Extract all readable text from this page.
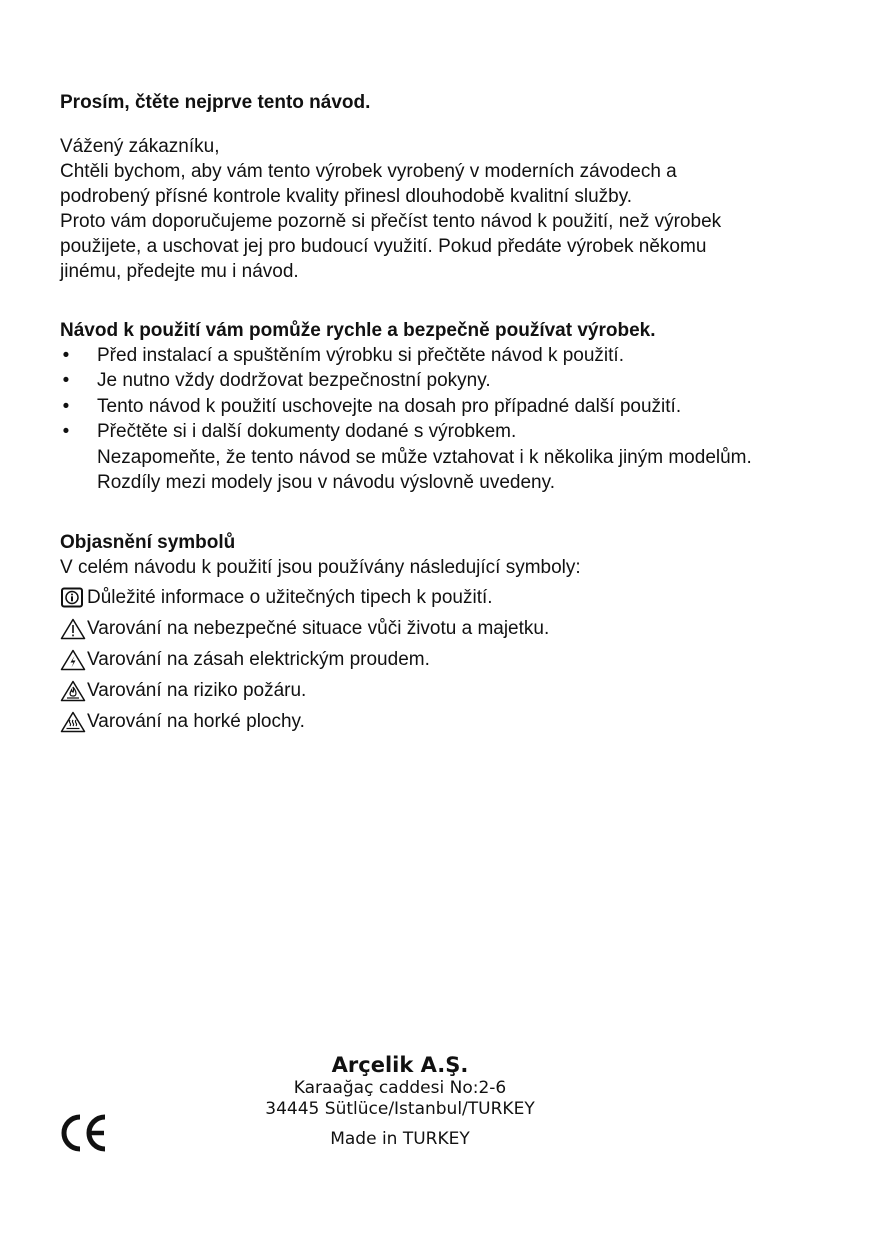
Prosím, čtěte nejprve tento návod.

Vážený zákazníku,

Chtěli bychom, aby vám tento výrobek vyrobený v moderních závodech a

podrobený přísné kontrole kvality přinesl dlouhodobě kvalitní služby.

Proto vám doporučujeme pozorně si přečíst tento návod k použití, než výrobek

použijete, a uschovat jej pro budoucí využití. Pokud předáte výrobek někomu

jinému, předejte mu i návod.

Návod k použití vám pomůže rychle a bezpečně používat výrobek.

• Před instalací a spuštěním výrobku si přečtěte návod k použití.
• Je nutno vždy dodržovat bezpečnostní pokyny.
• Tento návod k použití uschovejte na dosah pro případné další použití.
• Přečtěte si i další dokumenty dodané s výrobkem.
Nezapomeňte, že tento návod se může vztahovat i k několika jiným modelům.
Rozdíly mezi modely jsou v návodu výslovně uvedeny.

Objasnění symbolů

V celém návodu k použití jsou používány následující symboly:

Důležité informace o užitečných tipech k použití.
Varování na nebezpečné situace vůči životu a majetku.
Varování na zásah elektrickým proudem.
Varování na riziko požáru.
Varování na horké plochy.
Arçelik A.Ş.
Karaağaç caddesi No:2-6
34445 Sütlüce/Istanbul/TURKEY
Made in TURKEY
